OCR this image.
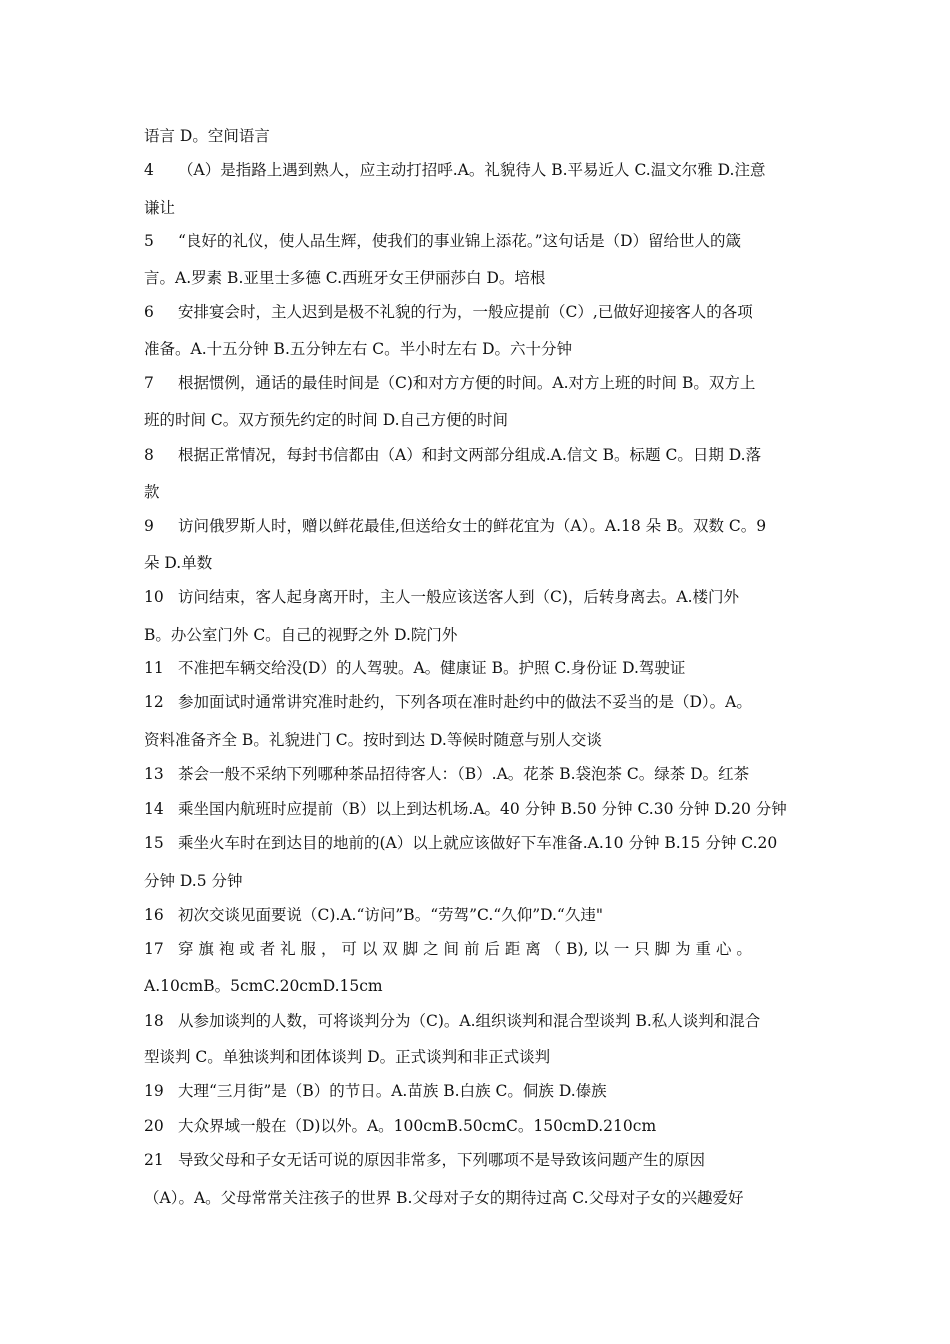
语言 D。空间语言
4 （A）是指路上遇到熟人，应主动打招呼.A。礼貌待人 B.平易近人 C.温文尔雅 D.注意
谦让
5 “良好的礼仪，使人品生辉，使我们的事业锦上添花。”这句话是（D）留给世人的箴
言。A.罗素 B.亚里士多德 C.西班牙女王伊丽莎白 D。培根
6 安排宴会时，主人迟到是极不礼貌的行为，一般应提前（C）,已做好迎接客人的各项
准备。A.十五分钟 B.五分钟左右 C。半小时左右 D。六十分钟
7 根据惯例，通话的最佳时间是（C)和对方方便的时间。A.对方上班的时间 B。双方上
班的时间 C。双方预先约定的时间 D.自己方便的时间
8 根据正常情况，每封书信都由（A）和封文两部分组成.A.信文 B。标题 C。日期 D.落
款
9 访问俄罗斯人时，赠以鲜花最佳,但送给女士的鲜花宜为（A）。A.18 朵 B。双数 C。9
朵 D.单数
10 访问结束，客人起身离开时，主人一般应该送客人到（C)，后转身离去。A.楼门外
B。办公室门外 C。自己的视野之外 D.院门外
11 不准把车辆交给没(D）的人驾驶。A。健康证 B。护照 C.身份证 D.驾驶证
12 参加面试时通常讲究准时赴约，下列各项在准时赴约中的做法不妥当的是（D）。A。
资料准备齐全 B。礼貌进门 C。按时到达 D.等候时随意与别人交谈
13 茶会一般不采纳下列哪种茶品招待客人：（B）.A。花茶 B.袋泡茶 C。绿茶 D。红茶
14 乘坐国内航班时应提前（B）以上到达机场.A。40 分钟 B.50 分钟 C.30 分钟 D.20 分钟
15 乘坐火车时在到达目的地前的(A）以上就应该做好下车准备.A.10 分钟 B.15 分钟 C.20
分钟 D.5 分钟
16 初次交谈见面要说（C).A.“访问”B。“劳驾”C.“久仰”D.“久违"
17 穿 旗 袍 或 者 礼 服 ， 可 以 双 脚 之 间 前 后 距 离 （ B), 以 一 只 脚 为 重 心 。
A.10cmB。5cmC.20cmD.15cm
18 从参加谈判的人数，可将谈判分为（C)。A.组织谈判和混合型谈判 B.私人谈判和混合
型谈判 C。单独谈判和团体谈判 D。正式谈判和非正式谈判
19 大理“三月街”是（B）的节日。A.苗族 B.白族 C。侗族 D.傣族
20 大众界域一般在（D)以外。A。100cmB.50cmC。150cmD.210cm
21 导致父母和子女无话可说的原因非常多，下列哪项不是导致该问题产生的原因
（A）。A。父母常常关注孩子的世界 B.父母对子女的期待过高 C.父母对子女的兴趣爱好
